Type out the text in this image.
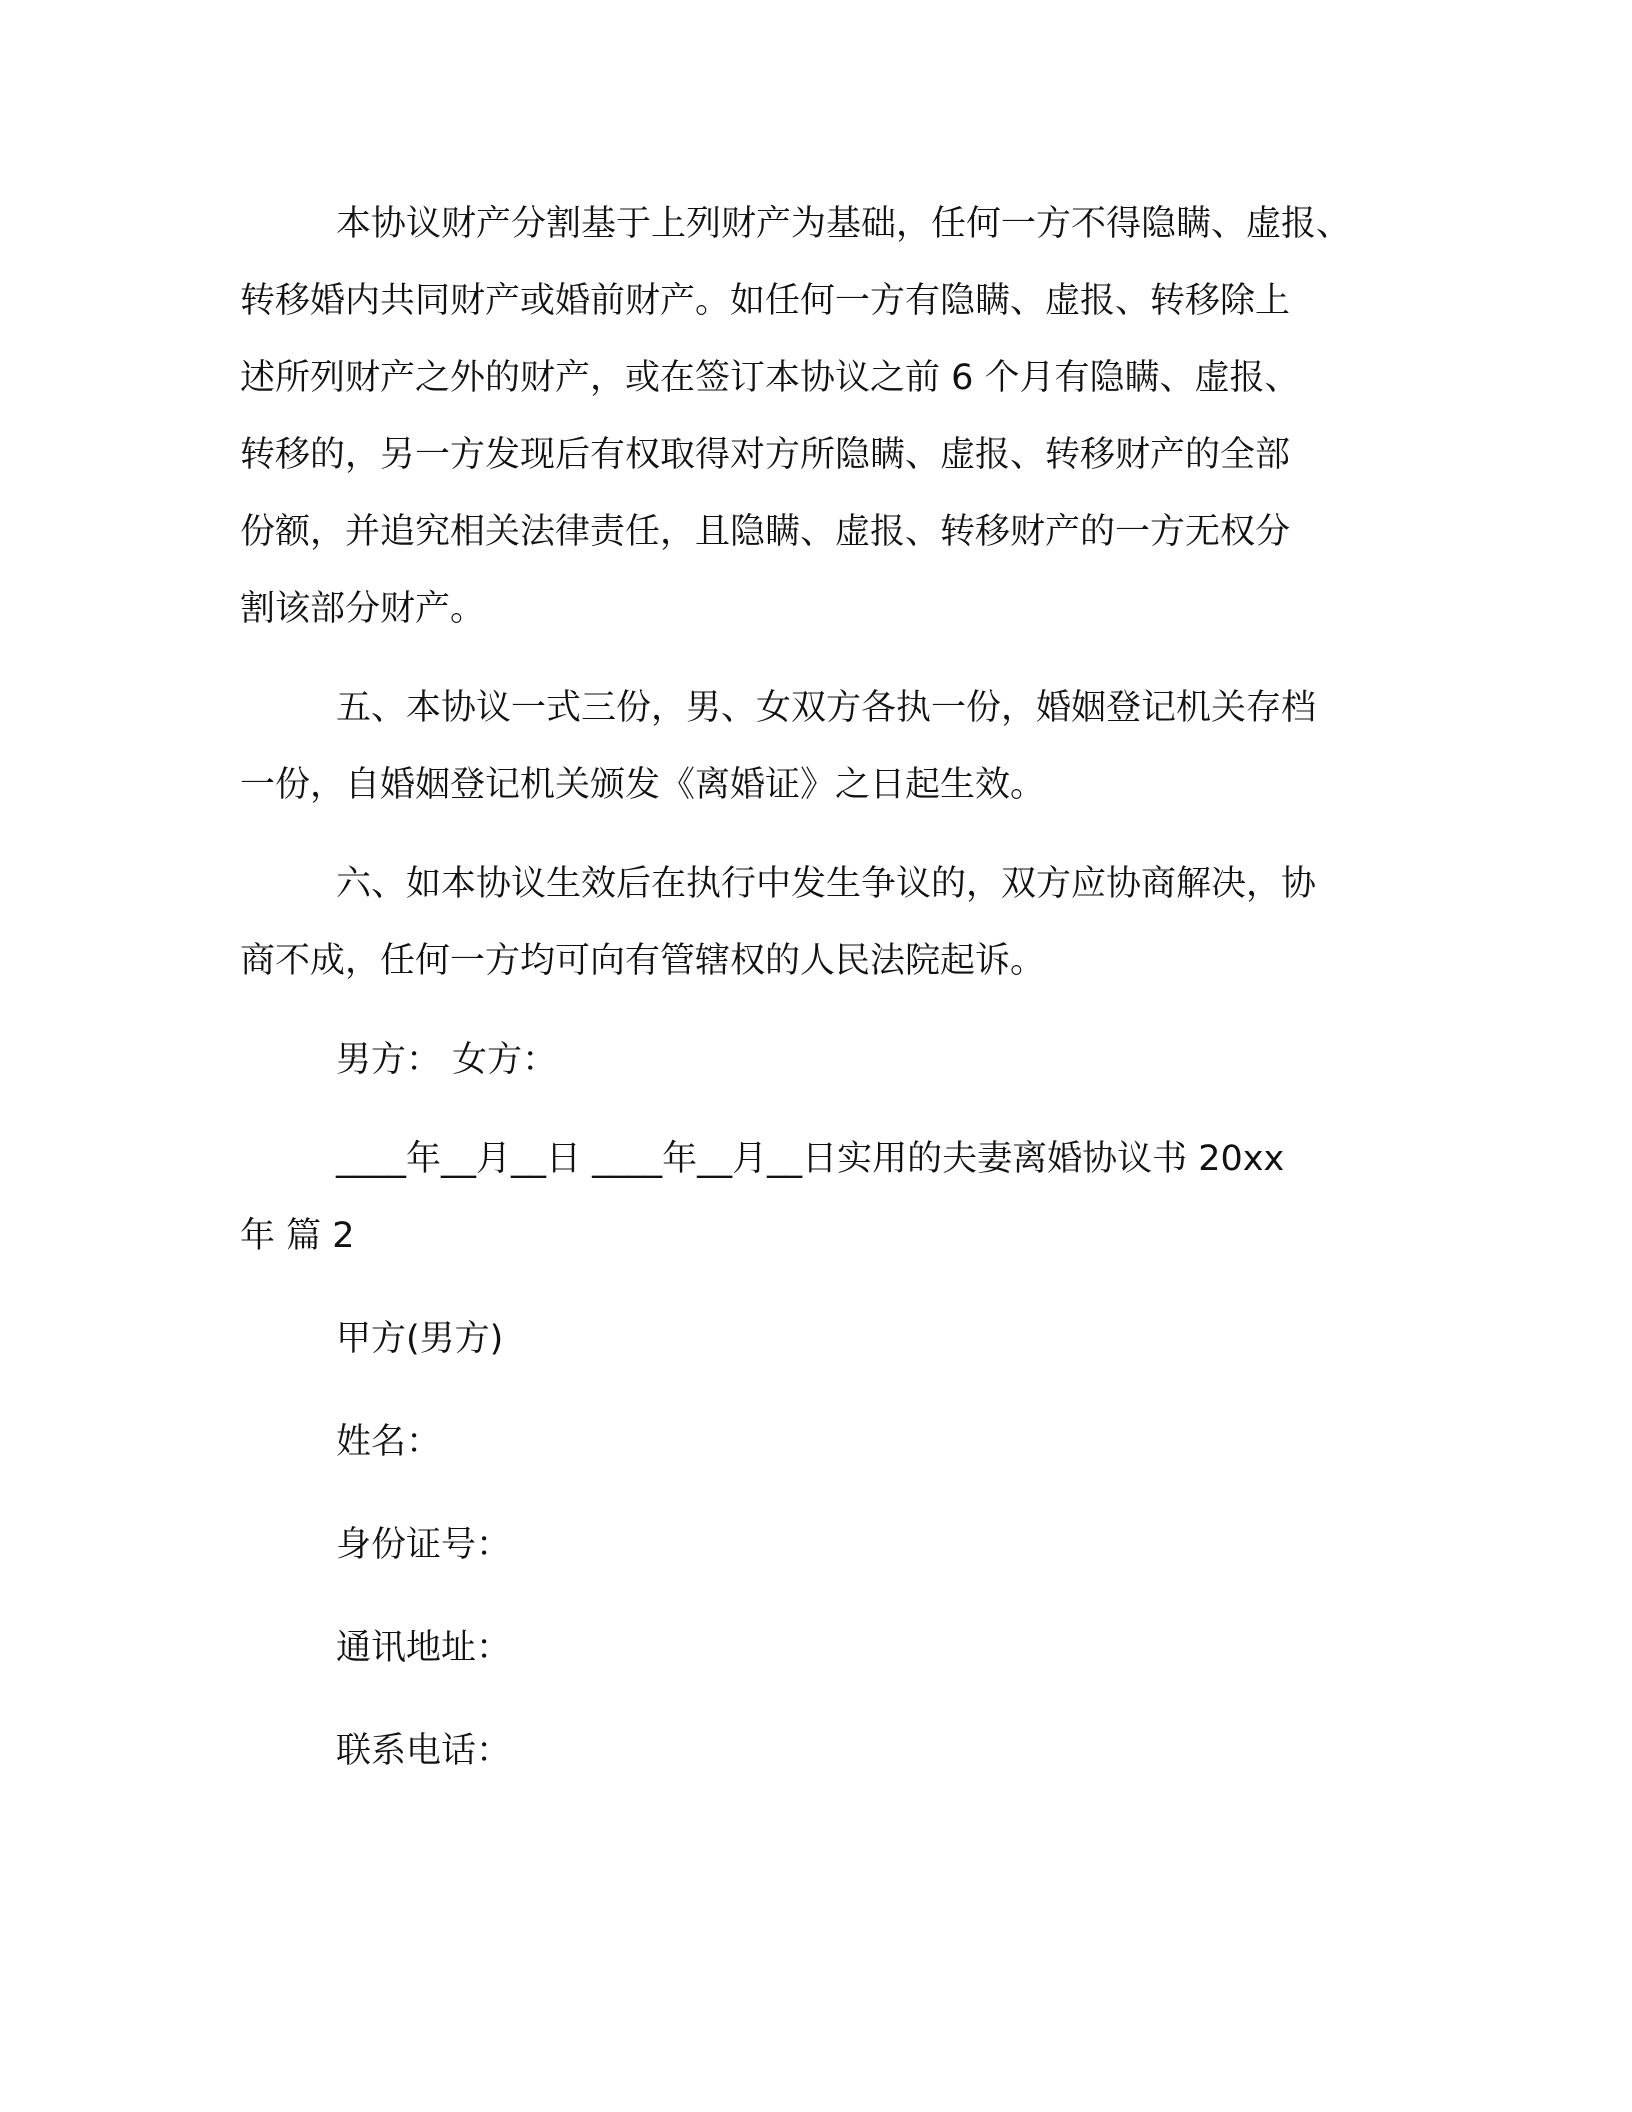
本协议财产分割基于上列财产为基础，任何一方不得隐瞒、虚报、
转移婚内共同财产或婚前财产。如任何一方有隐瞒、虚报、转移除上
述所列财产之外的财产，或在签订本协议之前 6 个月有隐瞒、虚报、
转移的，另一方发现后有权取得对方所隐瞒、虚报、转移财产的全部
份额，并追究相关法律责任，且隐瞒、虚报、转移财产的一方无权分
割该部分财产。
五、本协议一式三份，男、女双方各执一份，婚姻登记机关存档
一份，自婚姻登记机关颁发《离婚证》之日起生效。
六、如本协议生效后在执行中发生争议的，双方应协商解决，协
商不成，任何一方均可向有管辖权的人民法院起诉。
男方： 女方：
____年__月__日 ____年__月__日实用的夫妻离婚协议书 20xx
年 篇 2
甲方(男方)
姓名：
身份证号：
通讯地址：
联系电话：
